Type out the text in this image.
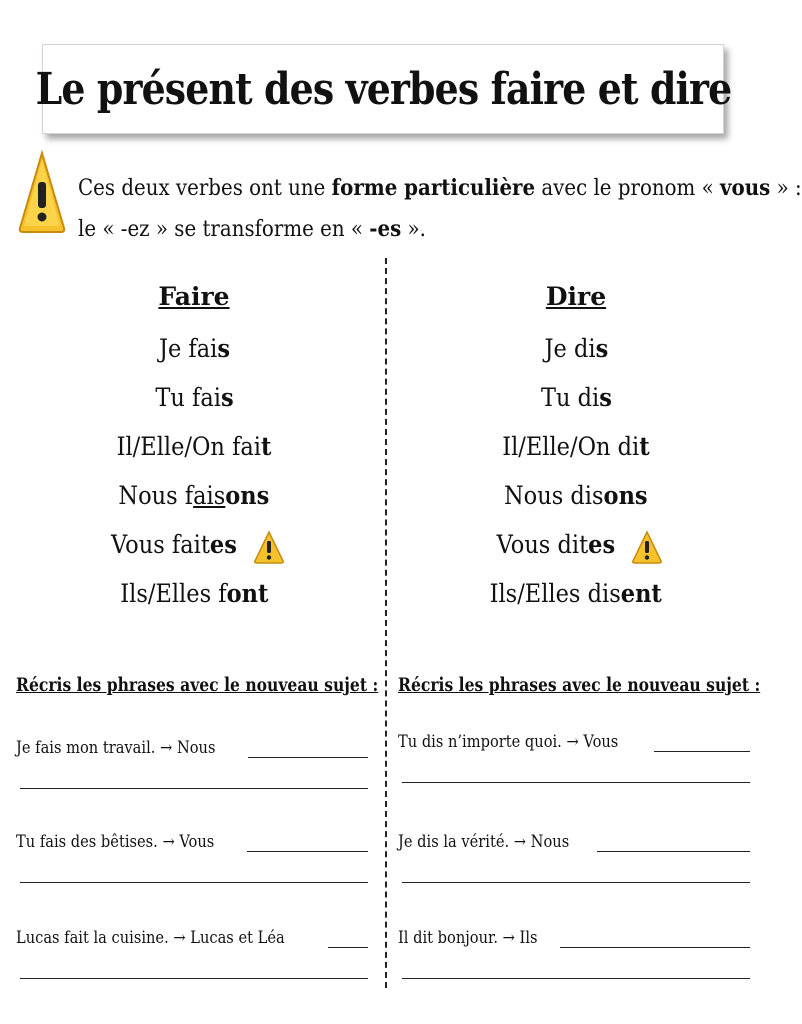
Le présent des verbes faire et dire
Ces deux verbes ont une forme particulière avec le pronom « vous » :
le « -ez » se transforme en « -es ».
Faire
Je fais
Tu fais
Il/Elle/On fait
Nous faisons
Vous faites
Ils/Elles font
Dire
Je dis
Tu dis
Il/Elle/On dit
Nous disons
Vous dites
Ils/Elles disent
Récris les phrases avec le nouveau sujet :
Je fais mon travail. → Nous
Tu fais des bêtises. → Vous
Lucas fait la cuisine. → Lucas et Léa
Récris les phrases avec le nouveau sujet :
Tu dis n’importe quoi. → Vous
Je dis la vérité. → Nous
Il dit bonjour. → Ils
